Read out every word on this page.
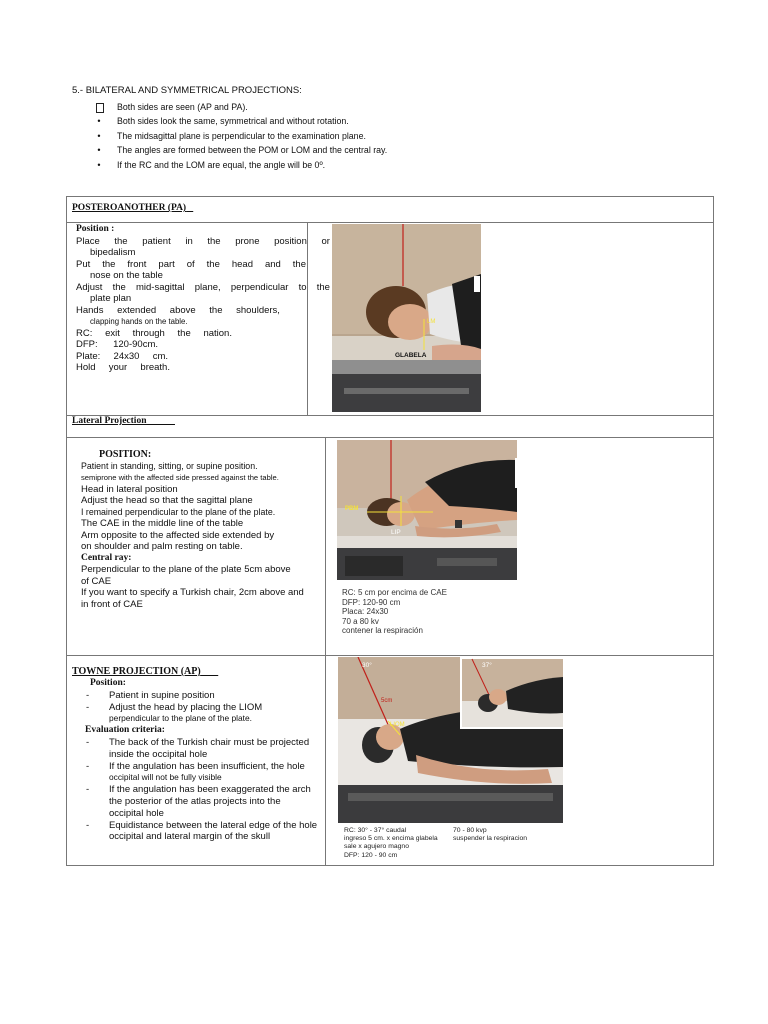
5.- BILATERAL AND SYMMETRICAL PROJECTIONS:
Both sides are seen (AP and PA).
•	Both sides look the same, symmetrical and without rotation.
•	The midsagittal plane is perpendicular to the examination plane.
•	The angles are formed between the POM or LOM and the central ray.
•	If the RC and the LOM are equal, the angle will be 0º.
POSTEROANOTHER (PA)
Position :
Place the patient in the prone position or
bipedalism
Put the front part of the head and the
nose on the table
Adjust the mid-sagittal plane, perpendicular to the
plate plan
Hands extended above the shoulders,
clapping hands on the table.
RC: exit through the nation.
DFP: 120-90cm.
Plate: 24x30 cm.
Hold your breath.
GLABELA
LM
Lateral Projection
POSITION:
Patient in standing, sitting, or supine position.
semiprone with the affected side pressed against the table.
Head in lateral position
Adjust the head so that the sagittal plane
I remained perpendicular to the plane of the plate.
The CAE in the middle line of the table
Arm opposite to the affected side extended by
on shoulder and palm resting on table.
Central ray:
Perpendicular to the plane of the plate 5cm above
of CAE
If you want to specify a Turkish chair, 2cm above and
in front of CAE
PBM
LIP
RC: 5 cm por encima de CAE
DFP: 120-90 cm
Placa: 24x30
70 a 80 kv
contener la respiración
TOWNE PROJECTION (AP)
Position:
- Patient in supine position
- Adjust the head by placing the LIOM
perpendicular to the plane of the plate.
Evaluation criteria:
- The back of the Turkish chair must be projected
inside the occipital hole
- If the angulation has been insufficient, the hole
occipital will not be fully visible
- If the angulation has been exaggerated the arch
the posterior of the atlas projects into the
occipital hole
- Equidistance between the lateral edge of the hole
occipital and lateral margin of the skull
30°	37°
5cm
LIOM
RC: 30° - 37° caudal
ingreso 5 cm. x encima glabela
sale x agujero magno
DFP: 120 - 90 cm
70 - 80 kvp
suspender la respiracion
